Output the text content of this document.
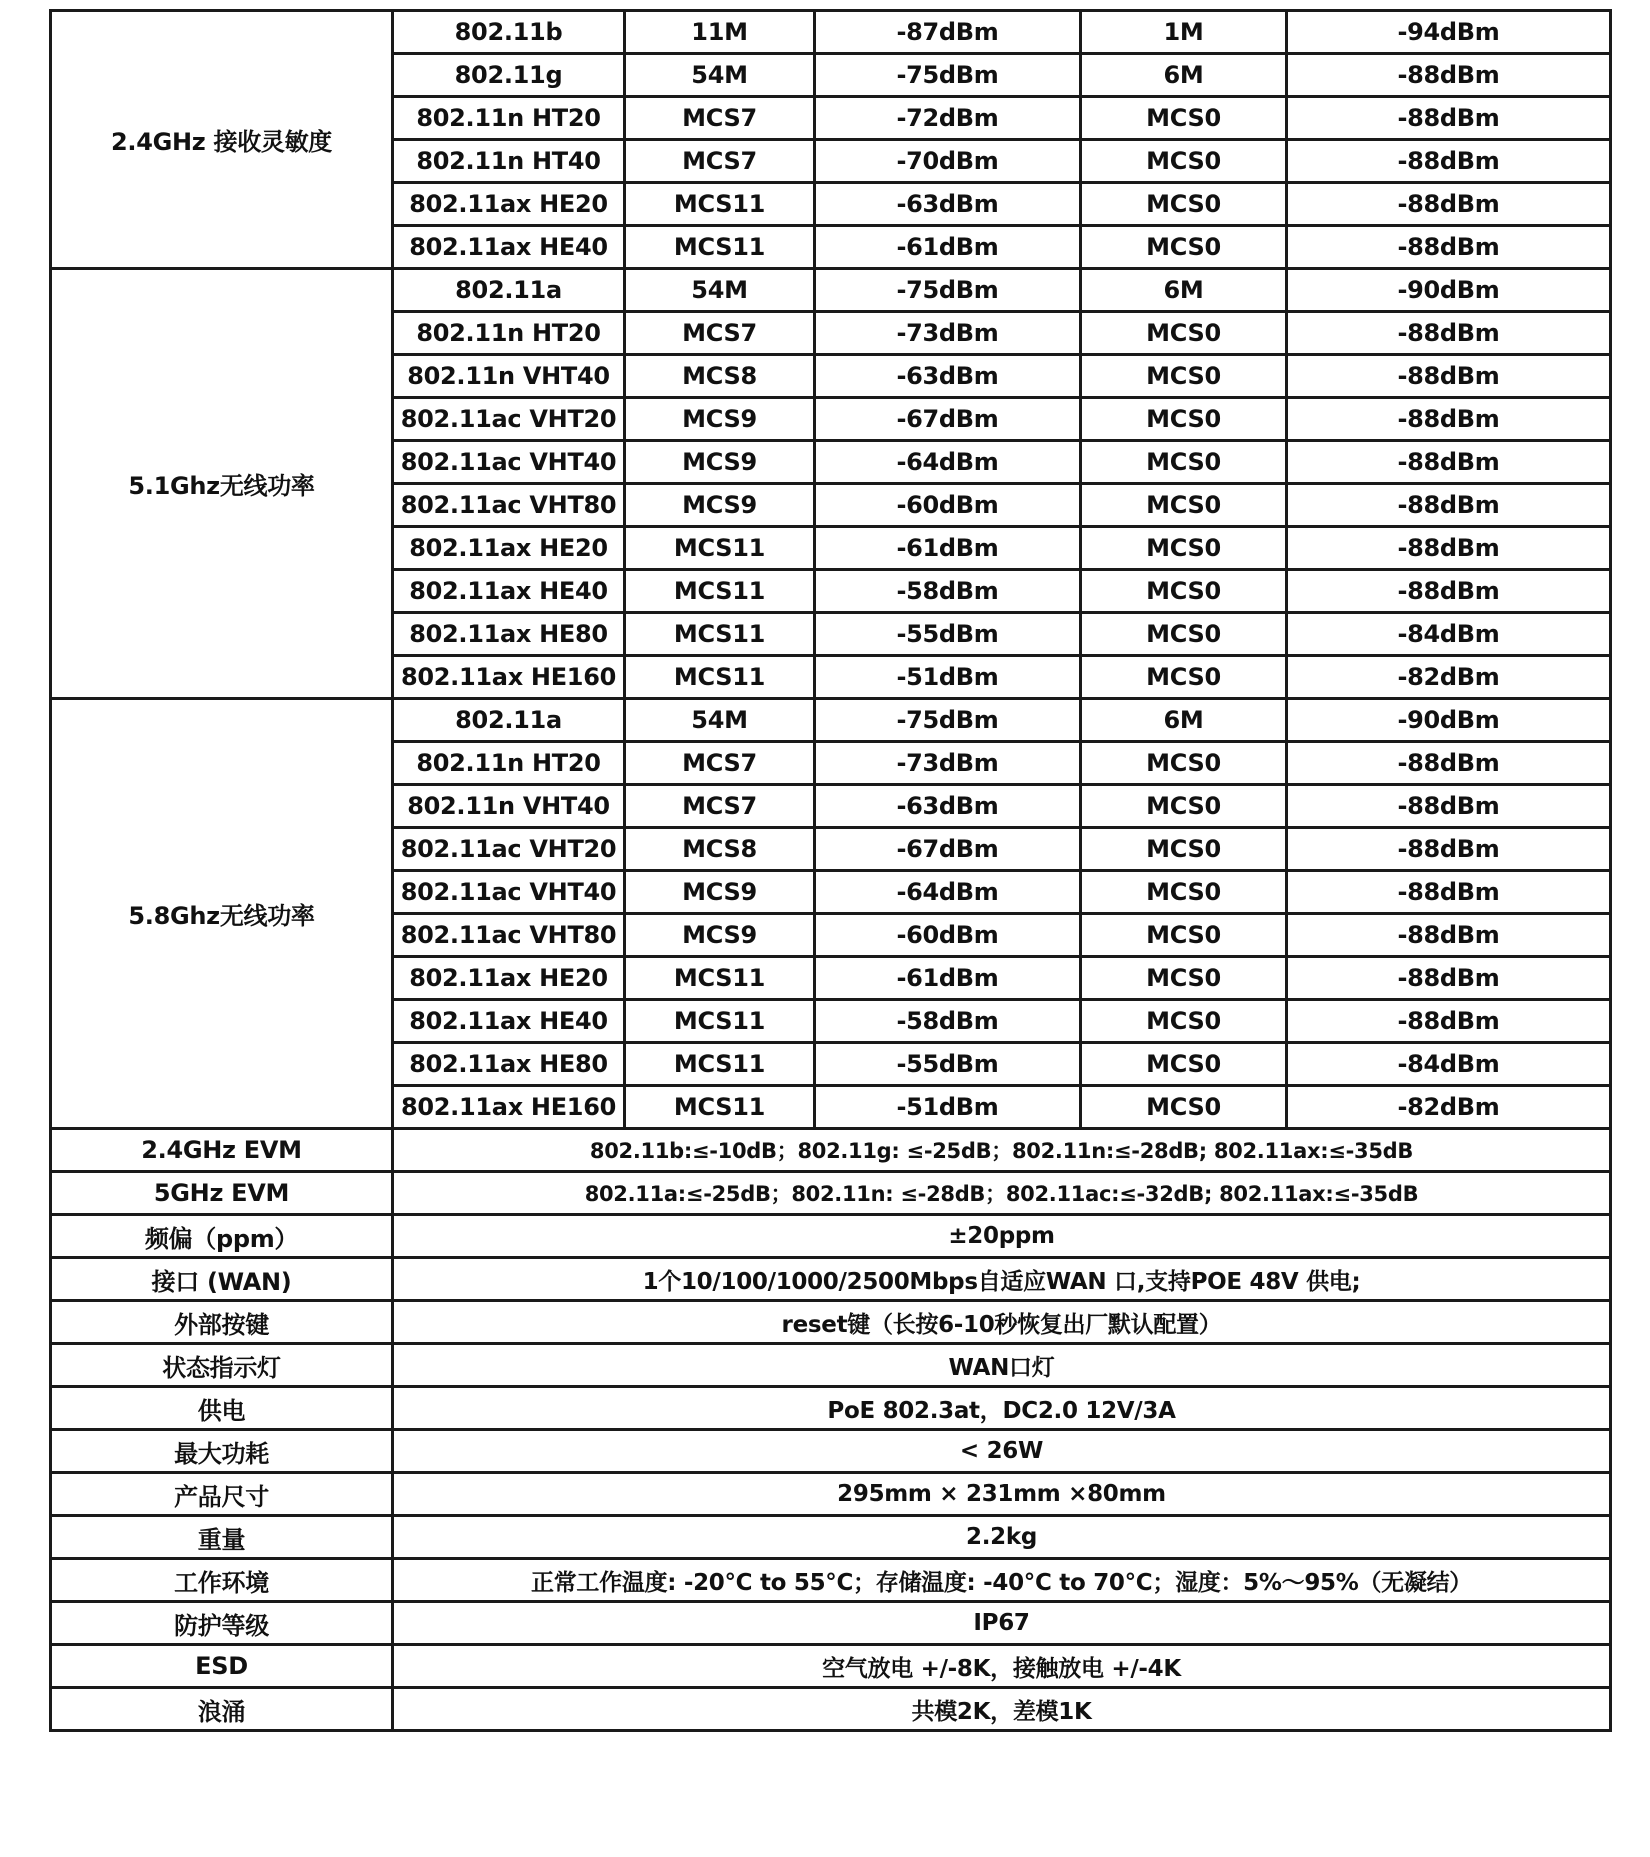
2.4GHz 接收灵敏度	802.11b	11M	-87dBm	1M	-94dBm
	802.11g	54M	-75dBm	6M	-88dBm
	802.11n HT20	MCS7	-72dBm	MCS0	-88dBm
	802.11n HT40	MCS7	-70dBm	MCS0	-88dBm
	802.11ax HE20	MCS11	-63dBm	MCS0	-88dBm
	802.11ax HE40	MCS11	-61dBm	MCS0	-88dBm
5.1Ghz无线功率	802.11a	54M	-75dBm	6M	-90dBm
	802.11n HT20	MCS7	-73dBm	MCS0	-88dBm
	802.11n VHT40	MCS8	-63dBm	MCS0	-88dBm
	802.11ac VHT20	MCS9	-67dBm	MCS0	-88dBm
	802.11ac VHT40	MCS9	-64dBm	MCS0	-88dBm
	802.11ac VHT80	MCS9	-60dBm	MCS0	-88dBm
	802.11ax HE20	MCS11	-61dBm	MCS0	-88dBm
	802.11ax HE40	MCS11	-58dBm	MCS0	-88dBm
	802.11ax HE80	MCS11	-55dBm	MCS0	-84dBm
	802.11ax HE160	MCS11	-51dBm	MCS0	-82dBm
5.8Ghz无线功率	802.11a	54M	-75dBm	6M	-90dBm
	802.11n HT20	MCS7	-73dBm	MCS0	-88dBm
	802.11n VHT40	MCS7	-63dBm	MCS0	-88dBm
	802.11ac VHT20	MCS8	-67dBm	MCS0	-88dBm
	802.11ac VHT40	MCS9	-64dBm	MCS0	-88dBm
	802.11ac VHT80	MCS9	-60dBm	MCS0	-88dBm
	802.11ax HE20	MCS11	-61dBm	MCS0	-88dBm
	802.11ax HE40	MCS11	-58dBm	MCS0	-88dBm
	802.11ax HE80	MCS11	-55dBm	MCS0	-84dBm
	802.11ax HE160	MCS11	-51dBm	MCS0	-82dBm
2.4GHz EVM	802.11b:≤-10dB；802.11g: ≤-25dB；802.11n:≤-28dB; 802.11ax:≤-35dB				
5GHz EVM	802.11a:≤-25dB；802.11n: ≤-28dB；802.11ac:≤-32dB; 802.11ax:≤-35dB				
频偏（ppm）	±20ppm				
接口 (WAN)	1个10/100/1000/2500Mbps自适应WAN 口,支持POE 48V 供电;				
外部按键	reset键（长按6-10秒恢复出厂默认配置）				
状态指示灯	WAN口灯				
供电	PoE 802.3at，DC2.0 12V/3A				
最大功耗	< 26W				
产品尺寸	295mm × 231mm ×80mm				
重量	2.2kg				
工作环境	正常工作温度: -20°C to 55°C；存储温度: -40°C to 70°C；湿度：5%～95%（无凝结）				
防护等级	IP67				
ESD	空气放电 +/-8K，接触放电 +/-4K				
浪涌	共模2K，差模1K				
